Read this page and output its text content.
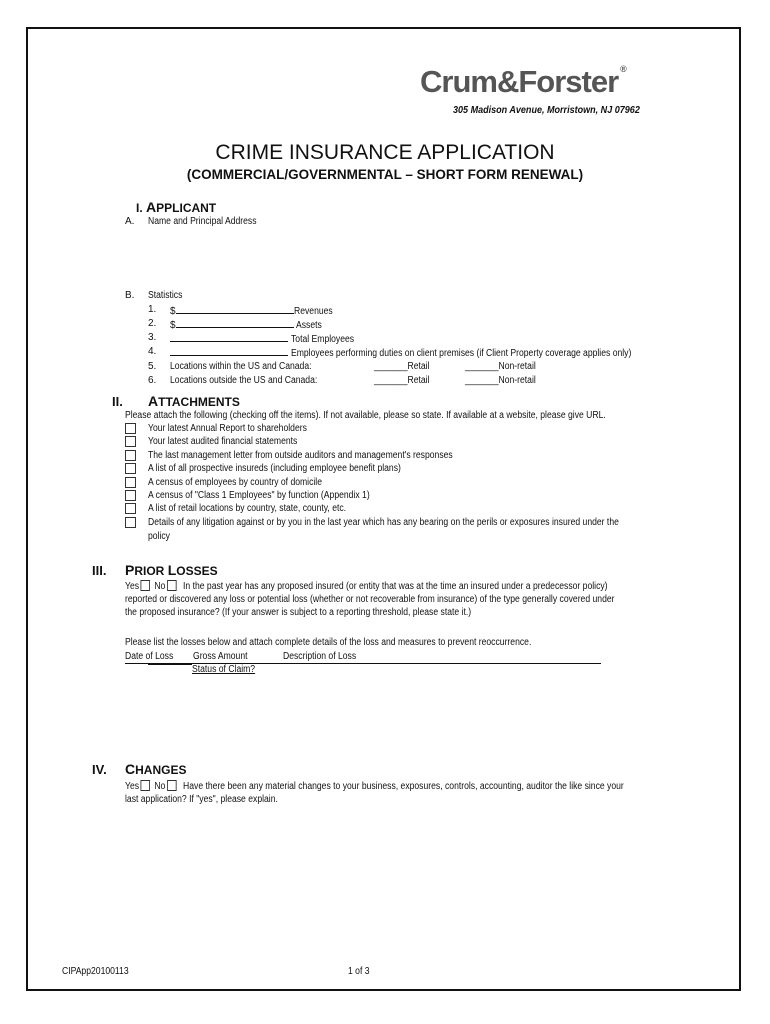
Crum&Forster ®
305 Madison Avenue, Morristown, NJ 07962
CRIME INSURANCE APPLICATION
(COMMERCIAL/GOVERNMENTAL – SHORT FORM RENEWAL)
I. APPLICANT
A. Name and Principal Address
B. Statistics
1. $	Revenues
2. $	Assets
3.	Total Employees
4.	Employees performing duties on client premises (if Client Property coverage applies only)
5. Locations within the US and Canada:	_______Retail	_______Non-retail
6. Locations outside the US and Canada:	_______Retail	_______Non-retail
II. ATTACHMENTS
Please attach the following (checking off the items). If not available, please so state. If available at a website, please give URL.
Your latest Annual Report to shareholders
Your latest audited financial statements
The last management letter from outside auditors and management's responses
A list of all prospective insureds (including employee benefit plans)
A census of employees by country of domicile
A census of "Class 1 Employees" by function (Appendix 1)
A list of retail locations by country, state, county, etc.
Details of any litigation against or by you in the last year which has any bearing on the perils or exposures insured under the
policy
III. PRIOR LOSSES
Yes No In the past year has any proposed insured (or entity that was at the time an insured under a predecessor policy)
reported or discovered any loss or potential loss (whether or not recoverable from insurance) of the type generally covered under
the proposed insurance? (If your answer is subject to a reporting threshold, please state it.)
Please list the losses below and attach complete details of the loss and measures to prevent reoccurrence.
Date of Loss	Gross Amount	Description of Loss
Status of Claim?
IV. CHANGES
Yes No Have there been any material changes to your business, exposures, controls, accounting, auditor the like since your
last application? If "yes", please explain.
CIPApp20100113	1 of 3
